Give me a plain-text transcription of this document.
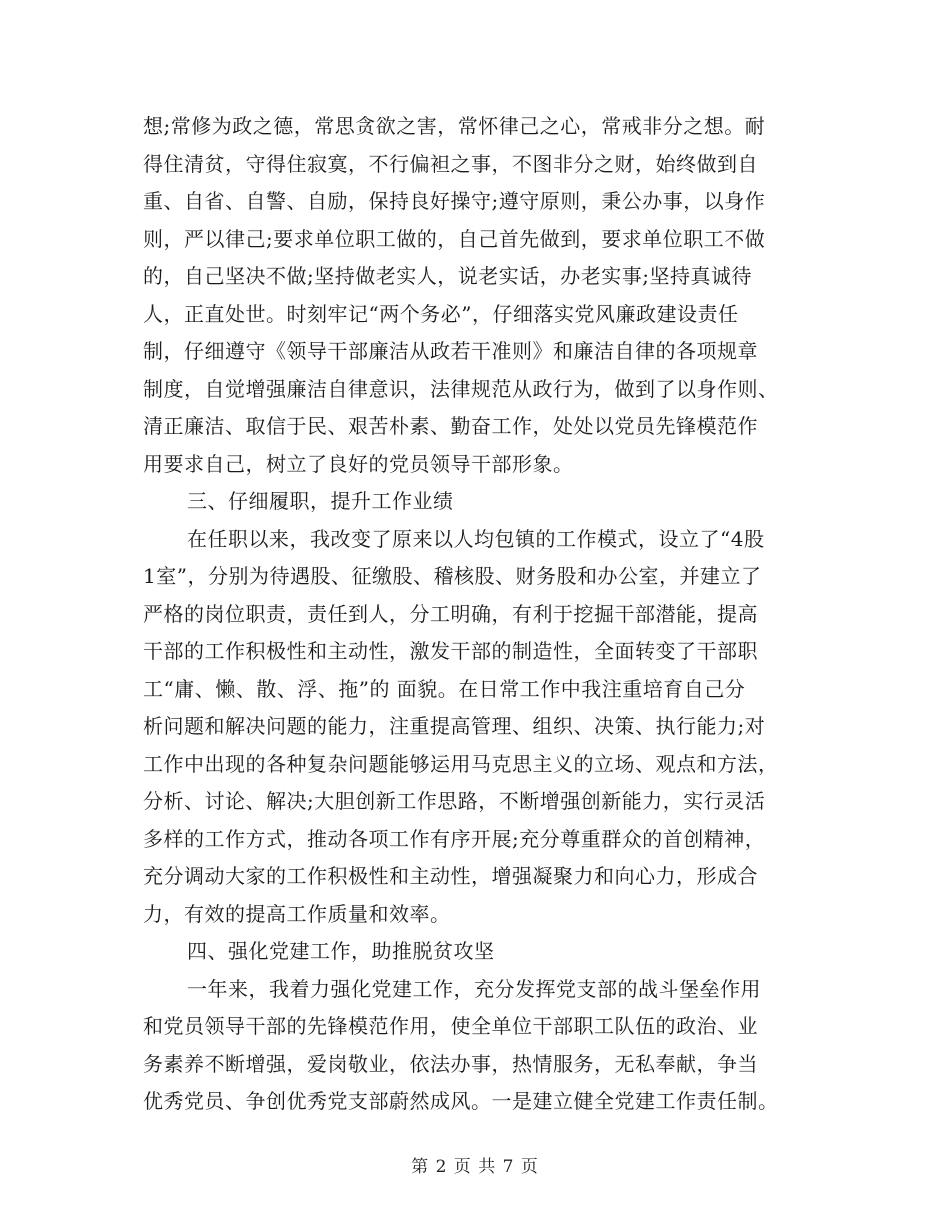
想;常修为政之德，常思贪欲之害，常怀律己之心，常戒非分之想。耐
得住清贫，守得住寂寞，不行偏袒之事，不图非分之财，始终做到自
重、自省、自警、自励，保持良好操守;遵守原则，秉公办事，以身作
则，严以律己;要求单位职工做的，自己首先做到，要求单位职工不做
的，自己坚决不做;坚持做老实人，说老实话，办老实事;坚持真诚待
人，正直处世。时刻牢记“两个务必”，仔细落实党风廉政建设责任
制，仔细遵守《领导干部廉洁从政若干准则》和廉洁自律的各项规章
制度，自觉增强廉洁自律意识，法律规范从政行为，做到了以身作则、
清正廉洁、取信于民、艰苦朴素、勤奋工作，处处以党员先锋模范作
用要求自己，树立了良好的党员领导干部形象。
三、仔细履职，提升工作业绩
在任职以来，我改变了原来以人均包镇的工作模式，设立了“4股
1室”，分别为待遇股、征缴股、稽核股、财务股和办公室，并建立了
严格的岗位职责，责任到人，分工明确，有利于挖掘干部潜能，提高
干部的工作积极性和主动性，激发干部的制造性，全面转变了干部职
工“庸、懒、散、浮、拖”的 面貌。在日常工作中我注重培育自己分
析问题和解决问题的能力，注重提高管理、组织、决策、执行能力;对
工作中出现的各种复杂问题能够运用马克思主义的立场、观点和方法，
分析、讨论、解决;大胆创新工作思路，不断增强创新能力，实行灵活
多样的工作方式，推动各项工作有序开展;充分尊重群众的首创精神，
充分调动大家的工作积极性和主动性，增强凝聚力和向心力，形成合
力，有效的提高工作质量和效率。
四、强化党建工作，助推脱贫攻坚
一年来，我着力强化党建工作，充分发挥党支部的战斗堡垒作用
和党员领导干部的先锋模范作用，使全单位干部职工队伍的政治、业
务素养不断增强，爱岗敬业，依法办事，热情服务，无私奉献，争当
优秀党员、争创优秀党支部蔚然成风。一是建立健全党建工作责任制。
第 2 页 共 7 页
